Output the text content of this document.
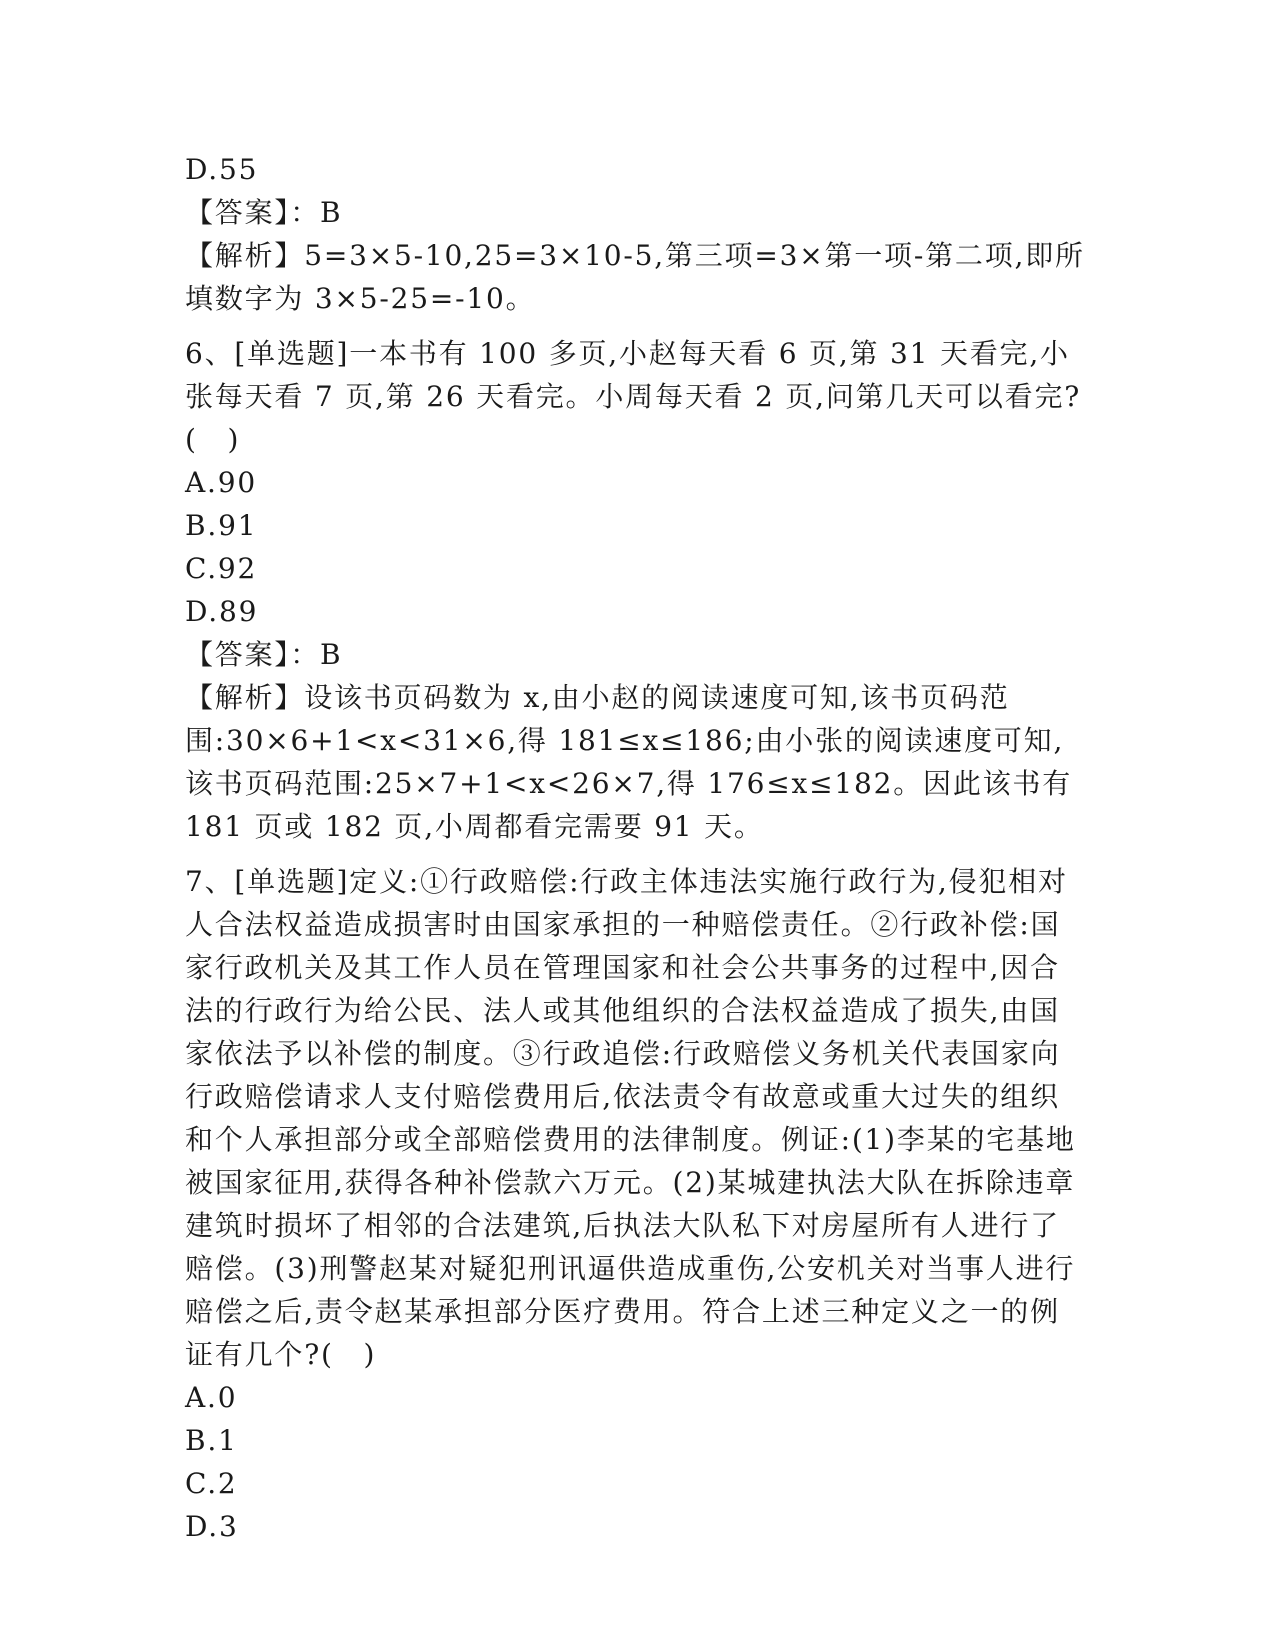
D.55
【答案】：B

【解析】5=3×5-10,25=3×10-5,第三项=3×第一项-第二项,即所填数字为 3×5-25=-10。

6、[单选题]一本书有 100 多页,小赵每天看 6 页,第 31 天看完,小张每天看 7 页,第 26 天看完。小周每天看 2 页,问第几天可以看完?(　)

A.90
B.91
C.92
D.89
【答案】：B

【解析】设该书页码数为 x,由小赵的阅读速度可知,该书页码范围:30×6+1<x<31×6,得 181≤x≤186;由小张的阅读速度可知,该书页码范围:25×7+1<x<26×7,得 176≤x≤182。因此该书有 181 页或 182 页,小周都看完需要 91 天。

7、[单选题]定义:①行政赔偿:行政主体违法实施行政行为,侵犯相对人合法权益造成损害时由国家承担的一种赔偿责任。②行政补偿:国家行政机关及其工作人员在管理国家和社会公共事务的过程中,因合法的行政行为给公民、法人或其他组织的合法权益造成了损失,由国家依法予以补偿的制度。③行政追偿:行政赔偿义务机关代表国家向行政赔偿请求人支付赔偿费用后,依法责令有故意或重大过失的组织和个人承担部分或全部赔偿费用的法律制度。例证:(1)李某的宅基地被国家征用,获得各种补偿款六万元。(2)某城建执法大队在拆除违章建筑时损坏了相邻的合法建筑,后执法大队私下对房屋所有人进行了赔偿。(3)刑警赵某对疑犯刑讯逼供造成重伤,公安机关对当事人进行赔偿之后,责令赵某承担部分医疗费用。符合上述三种定义之一的例证有几个?(　)

A.0
B.1
C.2
D.3
